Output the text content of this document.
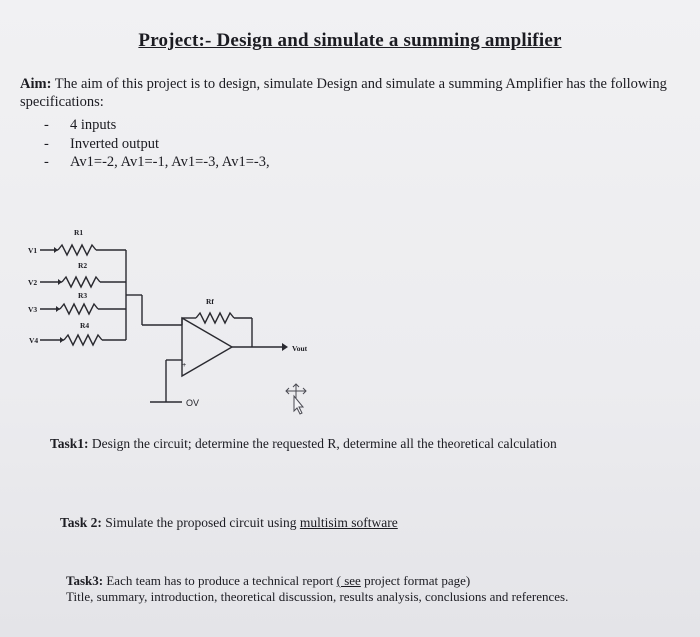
Project:- Design and simulate a summing amplifier
Aim: The aim of this project is to design, simulate Design and simulate a summing Amplifier has the following specifications:
-	4 inputs
-	Inverted output
-	Av1=-2, Av1=-1, Av1=-3, Av1=-3,
V1
V2
V3
V4
R1
R2
R3
R4
Rf
Vout
+
OV
Task1: Design the circuit; determine the requested R, determine all the theoretical calculation
Task 2: Simulate the proposed circuit using multisim software
Task3: Each team has to produce a technical report ( see project format page)
Title, summary, introduction, theoretical discussion, results analysis, conclusions and references.
